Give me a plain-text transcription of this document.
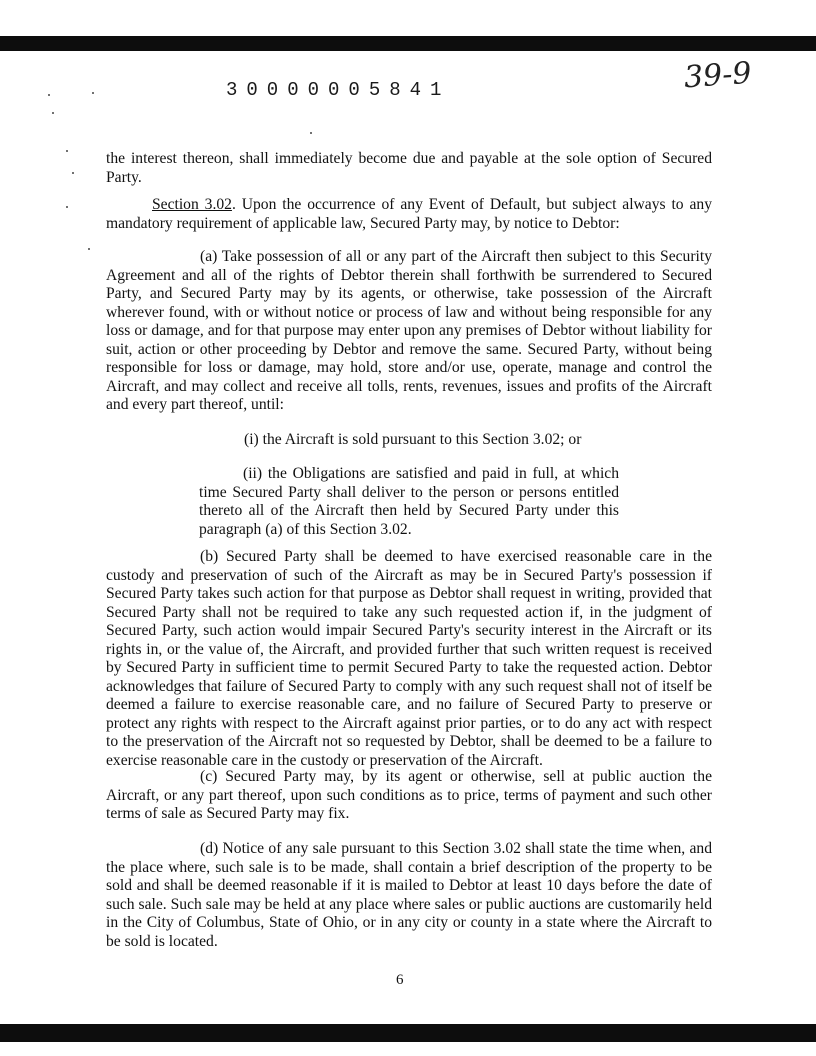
30000005841	39-9

the interest thereon, shall immediately become due and payable at the sole option of Secured Party.

Section 3.02. Upon the occurrence of any Event of Default, but subject always to any mandatory requirement of applicable law, Secured Party may, by notice to Debtor:

(a) Take possession of all or any part of the Aircraft then subject to this Security Agreement and all of the rights of Debtor therein shall forthwith be surrendered to Secured Party, and Secured Party may by its agents, or otherwise, take possession of the Aircraft wherever found, with or without notice or process of law and without being responsible for any loss or damage, and for that purpose may enter upon any premises of Debtor without liability for suit, action or other proceeding by Debtor and remove the same. Secured Party, without being responsible for loss or damage, may hold, store and/or use, operate, manage and control the Aircraft, and may collect and receive all tolls, rents, revenues, issues and profits of the Aircraft and every part thereof, until:

(i) the Aircraft is sold pursuant to this Section 3.02; or

(ii) the Obligations are satisfied and paid in full, at which time Secured Party shall deliver to the person or persons entitled thereto all of the Aircraft then held by Secured Party under this paragraph (a) of this Section 3.02.

(b) Secured Party shall be deemed to have exercised reasonable care in the custody and preservation of such of the Aircraft as may be in Secured Party's possession if Secured Party takes such action for that purpose as Debtor shall request in writing, provided that Secured Party shall not be required to take any such requested action if, in the judgment of Secured Party, such action would impair Secured Party's security interest in the Aircraft or its rights in, or the value of, the Aircraft, and provided further that such written request is received by Secured Party in sufficient time to permit Secured Party to take the requested action. Debtor acknowledges that failure of Secured Party to comply with any such request shall not of itself be deemed a failure to exercise reasonable care, and no failure of Secured Party to preserve or protect any rights with respect to the Aircraft against prior parties, or to do any act with respect to the preservation of the Aircraft not so requested by Debtor, shall be deemed to be a failure to exercise reasonable care in the custody or preservation of the Aircraft.

(c) Secured Party may, by its agent or otherwise, sell at public auction the Aircraft, or any part thereof, upon such conditions as to price, terms of payment and such other terms of sale as Secured Party may fix.

(d) Notice of any sale pursuant to this Section 3.02 shall state the time when, and the place where, such sale is to be made, shall contain a brief description of the property to be sold and shall be deemed reasonable if it is mailed to Debtor at least 10 days before the date of such sale. Such sale may be held at any place where sales or public auctions are customarily held in the City of Columbus, State of Ohio, or in any city or county in a state where the Aircraft to be sold is located.

6
